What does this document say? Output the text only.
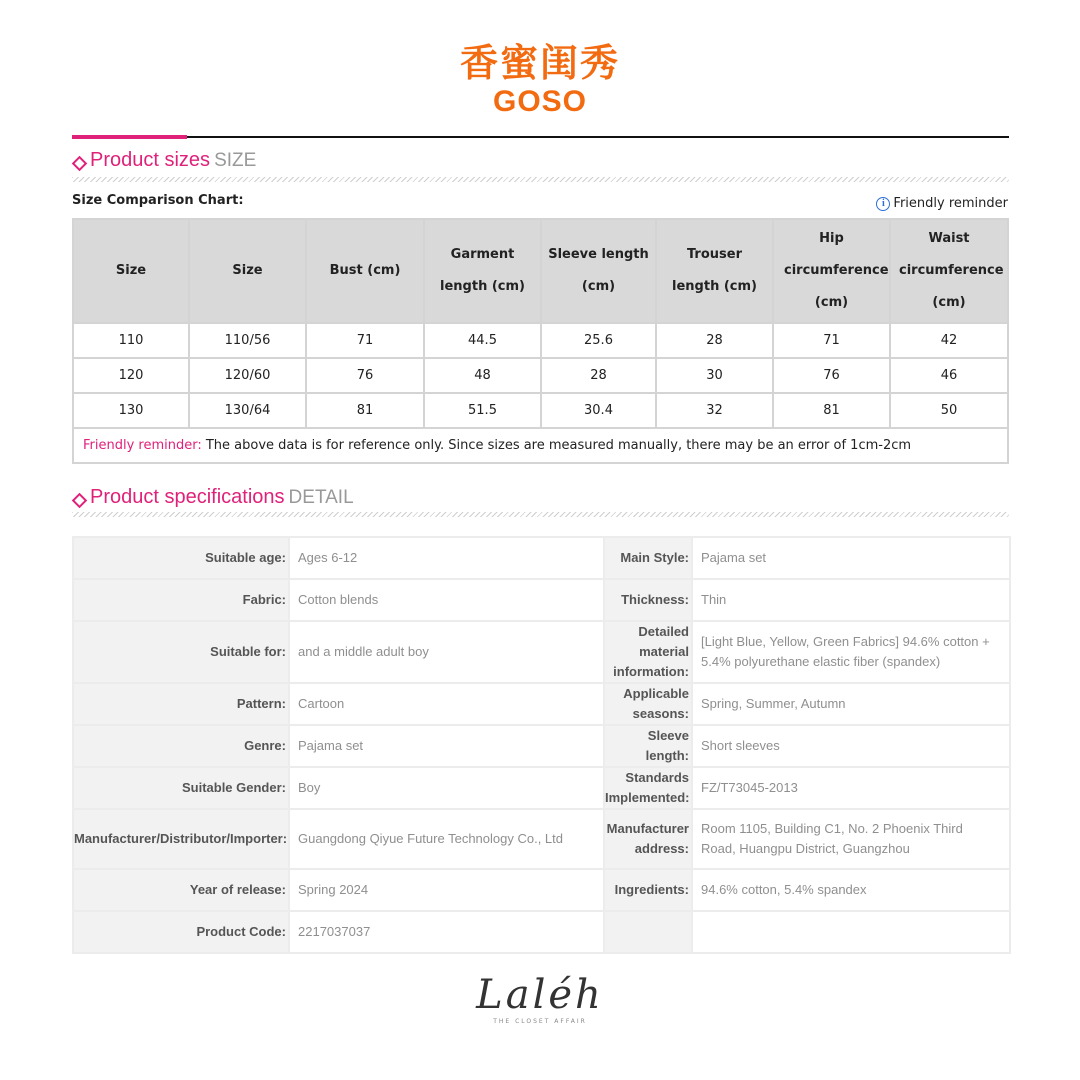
香蜜闺秀
GOSO
Product sizes SIZE
Size Comparison Chart:	i Friendly reminder
Size	Size	Bust (cm)	Garment length (cm)	Sleeve length (cm)	Trouser length (cm)	Hip circumference (cm)	Waist circumference (cm)
110	110/56	71	44.5	25.6	28	71	42
120	120/60	76	48	28	30	76	46
130	130/64	81	51.5	30.4	32	81	50
Friendly reminder: The above data is for reference only. Since sizes are measured manually, there may be an error of 1cm-2cm							
Product specifications DETAIL
Suitable age:	Ages 6-12	Main Style:	Pajama set
Fabric:	Cotton blends	Thickness:	Thin
Suitable for:	and a middle adult boy	Detailed material information:	[Light Blue, Yellow, Green Fabrics] 94.6% cotton + 5.4% polyurethane elastic fiber (spandex)
Pattern:	Cartoon	Applicable seasons:	Spring, Summer, Autumn
Genre:	Pajama set	Sleeve length:	Short sleeves
Suitable Gender:	Boy	Standards Implemented:	FZ/T73045-2013
Manufacturer/Distributor/Importer:	Guangdong Qiyue Future Technology Co., Ltd	Manufacturer address:	Room 1105, Building C1, No. 2 Phoenix Third Road, Huangpu District, Guangzhou
Year of release:	Spring 2024	Ingredients:	94.6% cotton, 5.4% spandex
Product Code:	2217037037		
Laléh
THE CLOSET AFFAIR
